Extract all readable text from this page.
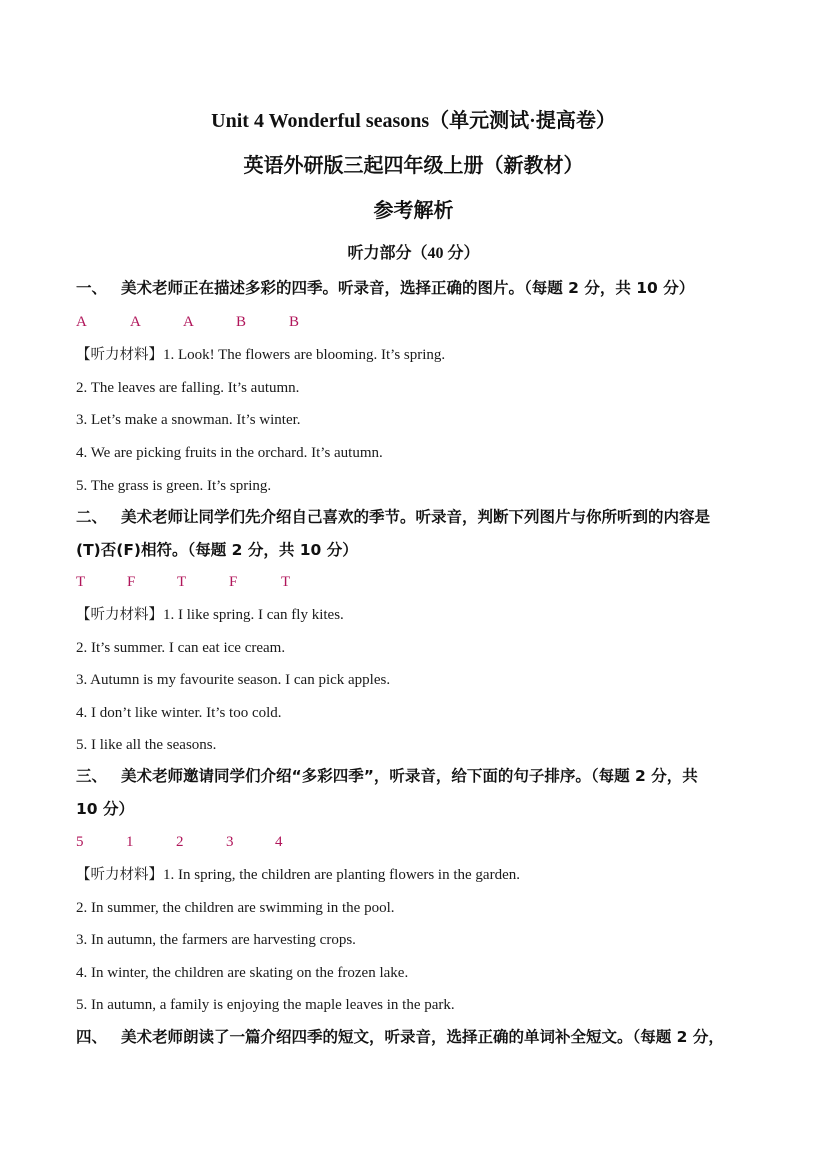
Unit 4 Wonderful seasons（单元测试·提高卷）
英语外研版三起四年级上册（新教材）
参考解析
听力部分（40 分）
一、 美术老师正在描述多彩的四季。听录音，选择正确的图片。（每题 2 分，共 10 分）
A	A	A	B	B
【听力材料】1. Look! The flowers are blooming. It’s spring.
2. The leaves are falling. It’s autumn.
3. Let’s make a snowman. It’s winter.
4. We are picking fruits in the orchard. It’s autumn.
5. The grass is green. It’s spring.
二、 美术老师让同学们先介绍自己喜欢的季节。听录音，判断下列图片与你所听到的内容是
(T)否(F)相符。（每题 2 分，共 10 分）
T	F	T	F	T
【听力材料】1. I like spring. I can fly kites.
2. It’s summer. I can eat ice cream.
3. Autumn is my favourite season. I can pick apples.
4. I don’t like winter. It’s too cold.
5. I like all the seasons.
三、 美术老师邀请同学们介绍“多彩四季”，听录音，给下面的句子排序。（每题 2 分，共
10 分）
5	1	2	3	4
【听力材料】1. In spring, the children are planting flowers in the garden.
2. In summer, the children are swimming in the pool.
3. In autumn, the farmers are harvesting crops.
4. In winter, the children are skating on the frozen lake.
5. In autumn, a family is enjoying the maple leaves in the park.
四、 美术老师朗读了一篇介绍四季的短文，听录音，选择正确的单词补全短文。（每题 2 分，
